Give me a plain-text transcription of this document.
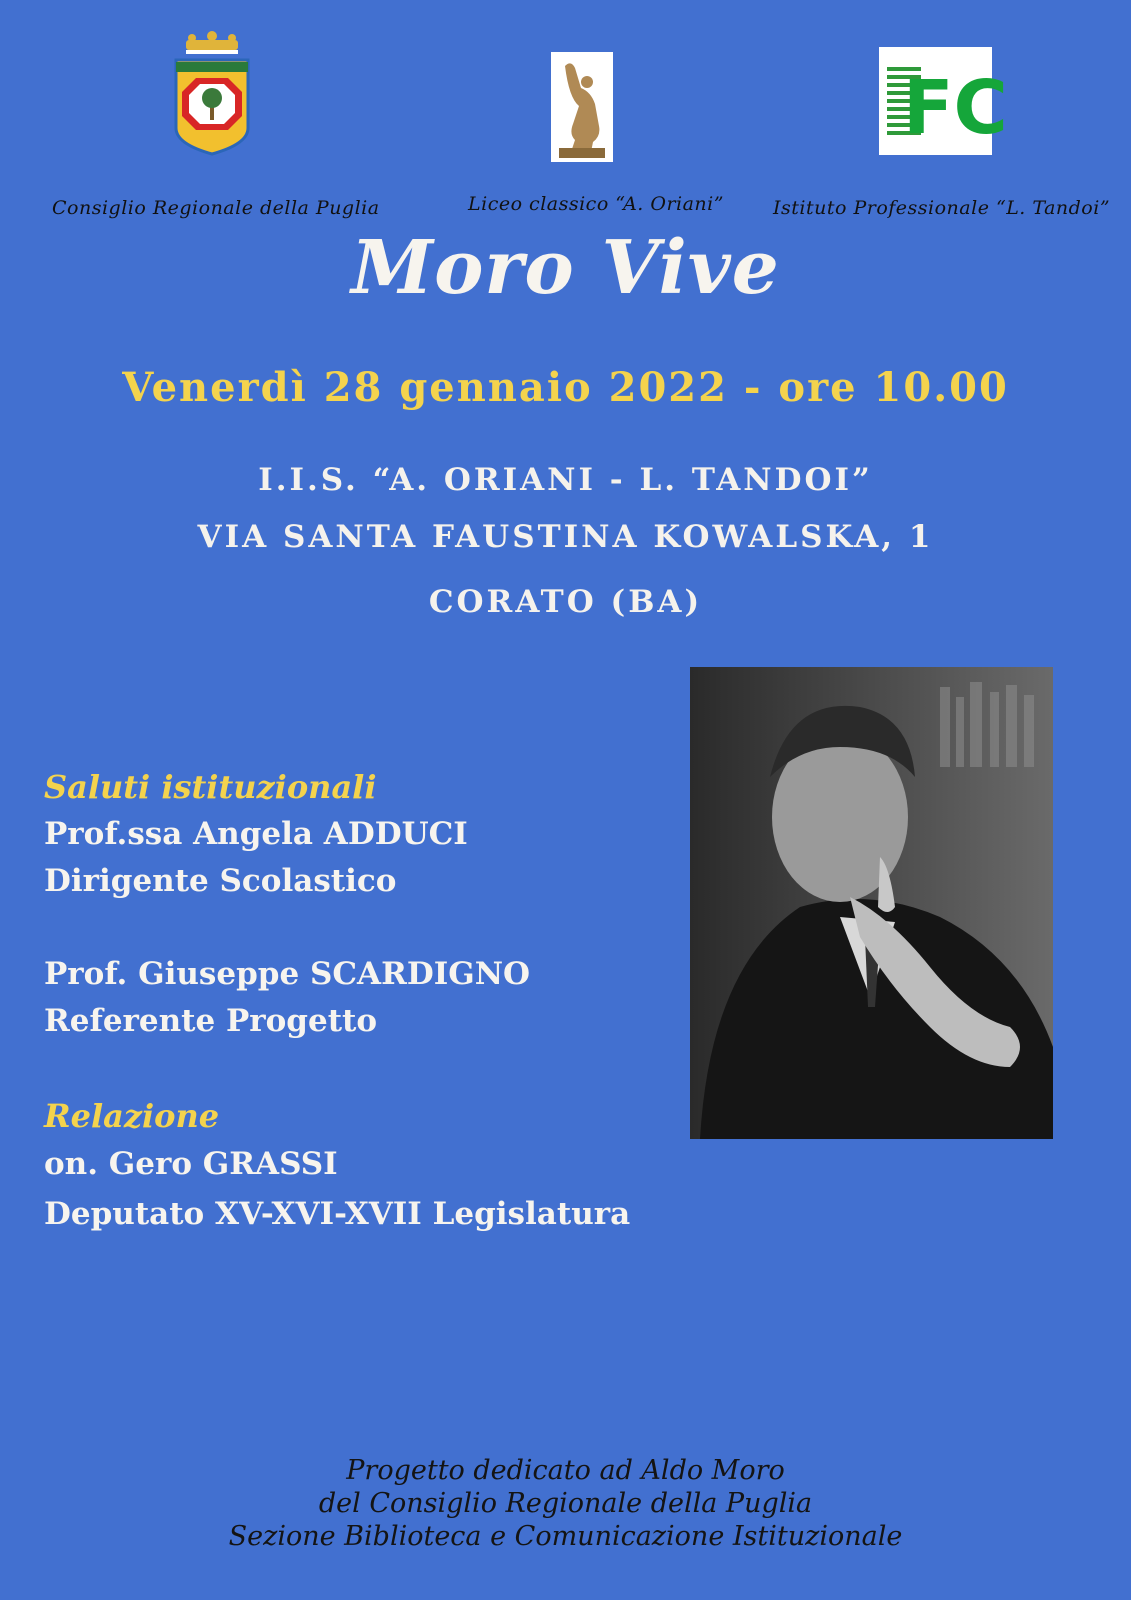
FC
Consiglio Regionale della Puglia	Liceo classico “A. Oriani”	Istituto Professionale “L. Tandoi”
Moro Vive
Venerdì 28 gennaio 2022 - ore 10.00
I.I.S. “A. ORIANI - L. TANDOI”
VIA SANTA FAUSTINA KOWALSKA, 1
CORATO (BA)
Saluti istituzionali
Prof.ssa Angela ADDUCI
Dirigente Scolastico
Prof. Giuseppe SCARDIGNO
Referente Progetto
Relazione
on. Gero GRASSI
Deputato XV-XVI-XVII Legislatura
Progetto dedicato ad Aldo Moro
del Consiglio Regionale della Puglia
Sezione Biblioteca e Comunicazione Istituzionale
